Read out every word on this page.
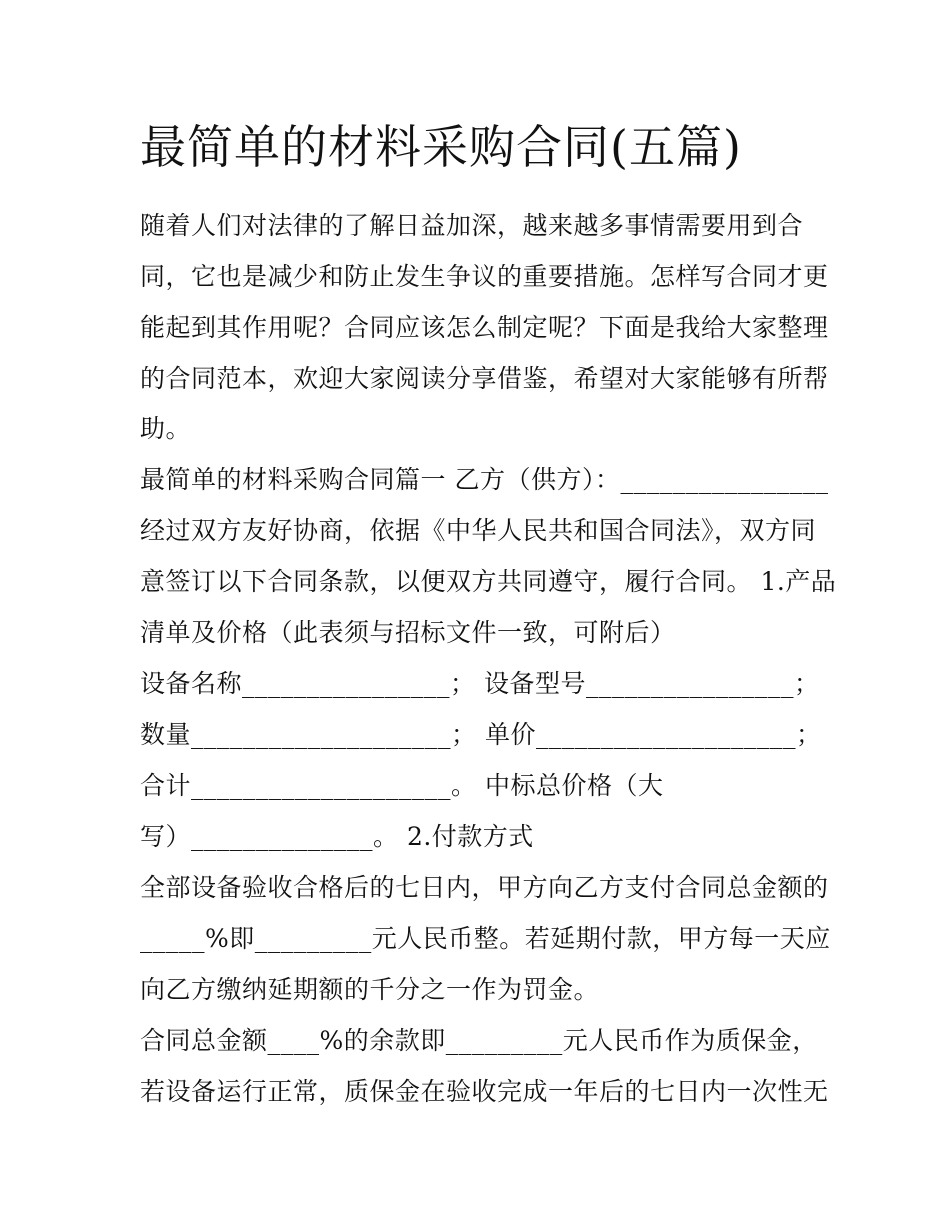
最简单的材料采购合同(五篇)

随着人们对法律的了解日益加深，越来越多事情需要用到合

同，它也是减少和防止发生争议的重要措施。怎样写合同才更

能起到其作用呢？合同应该怎么制定呢？下面是我给大家整理

的合同范本，欢迎大家阅读分享借鉴，希望对大家能够有所帮

助。

最简单的材料采购合同篇一 乙方（供方）：________________

经过双方友好协商，依据《中华人民共和国合同法》，双方同

意签订以下合同条款，以便双方共同遵守，履行合同。 1.产品

清单及价格（此表须与招标文件一致，可附后）

设备名称________________； 设备型号________________；

数量____________________； 单价____________________；

合计____________________。 中标总价格（大

写）______________。 2.付款方式

全部设备验收合格后的七日内，甲方向乙方支付合同总金额的

_____%即_________元人民币整。若延期付款，甲方每一天应

向乙方缴纳延期额的千分之一作为罚金。

合同总金额____%的余款即_________元人民币作为质保金，

若设备运行正常，质保金在验收完成一年后的七日内一次性无
